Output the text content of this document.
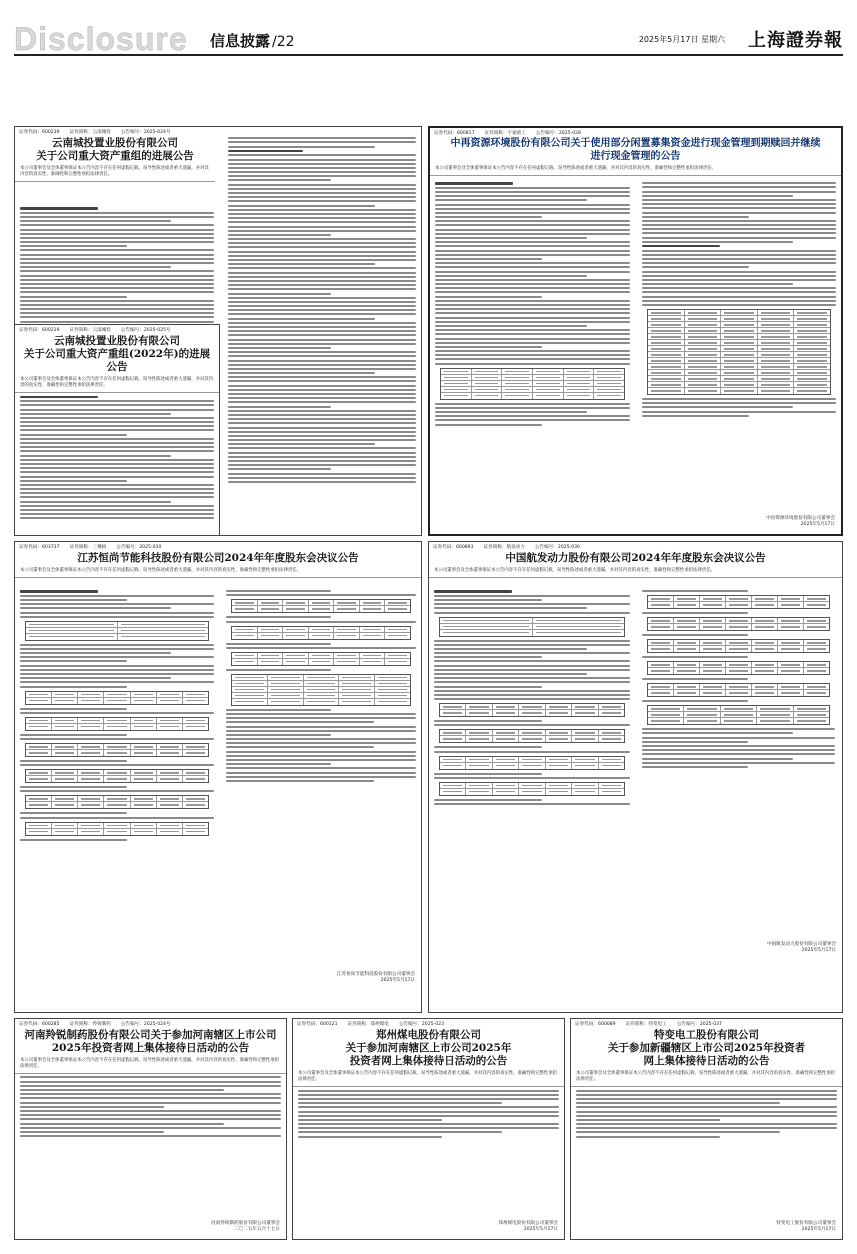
Disclosure 信息披露 /22	2025年5月17日 星期六 上海證券報
证券代码：600239 证券简称：云南城投 公告编号：2025-024号
云南城投置业股份有限公司
关于公司重大资产重组的进展公告
本公司董事会及全体董事保证本公告内容不存在任何虚假记载、误导性陈述或者重大遗漏，并对其内容的真实性、准确性和完整性承担法律责任。
证券代码：600239 证券简称：云南城投 公告编号：2025-025号
云南城投置业股份有限公司
关于公司重大资产重组(2022年)的进展公告
本公司董事会及全体董事保证本公告内容不存在任何虚假记载、误导性陈述或者重大遗漏，并对其内容的真实性、准确性和完整性承担法律责任。
证券代码：600817 证券简称：宇通重工 公告编号：2025-028
中再资源环境股份有限公司关于使用部分闲置募集资金进行现金管理到期赎回并继续进行现金管理的公告
本公司董事会及全体董事保证本公告内容不存在任何虚假记载、误导性陈述或者重大遗漏，并对其内容的真实性、准确性和完整性承担法律责任。
中再资源环境股份有限公司董事会
2025年5月17日
证券代码：603737 证券简称：三棵树 公告编号：2025-030
江苏恒尚节能科技股份有限公司2024年年度股东会决议公告
本公司董事会及全体董事保证本公告内容不存在任何虚假记载、误导性陈述或者重大遗漏，并对其内容的真实性、准确性和完整性承担法律责任。
江苏恒尚节能科技股份有限公司董事会
2025年5月17日
证券代码：600893 证券简称：航发动力 公告编号：2025-030
中国航发动力股份有限公司2024年年度股东会决议公告
本公司董事会及全体董事保证本公告内容不存在任何虚假记载、误导性陈述或者重大遗漏，并对其内容的真实性、准确性和完整性承担法律责任。
中国航发动力股份有限公司董事会
2025年5月17日
证券代码：600285 证券简称：羚锐制药 公告编号：2025-024号
河南羚锐制药股份有限公司关于参加河南辖区上市公司
2025年投资者网上集体接待日活动的公告
本公司董事会及全体董事保证本公告内容不存在任何虚假记载、误导性陈述或者重大遗漏，并对其内容的真实性、准确性和完整性承担法律责任。
河南羚锐制药股份有限公司董事会
二〇二五年五月十七日
证券代码：600121 证券简称：郑州煤电 公告编号：2025-023
郑州煤电股份有限公司
关于参加河南辖区上市公司2025年
投资者网上集体接待日活动的公告
本公司董事会及全体董事保证本公告内容不存在任何虚假记载、误导性陈述或者重大遗漏，并对其内容的真实性、准确性和完整性承担法律责任。
郑州煤电股份有限公司董事会
2025年5月17日
证券代码：600089 证券简称：特变电工 公告编号：2025-037
特变电工股份有限公司
关于参加新疆辖区上市公司2025年投资者
网上集体接待日活动的公告
本公司董事会及全体董事保证本公告内容不存在任何虚假记载、误导性陈述或者重大遗漏，并对其内容的真实性、准确性和完整性承担法律责任。
特变电工股份有限公司董事会
2025年5月17日
